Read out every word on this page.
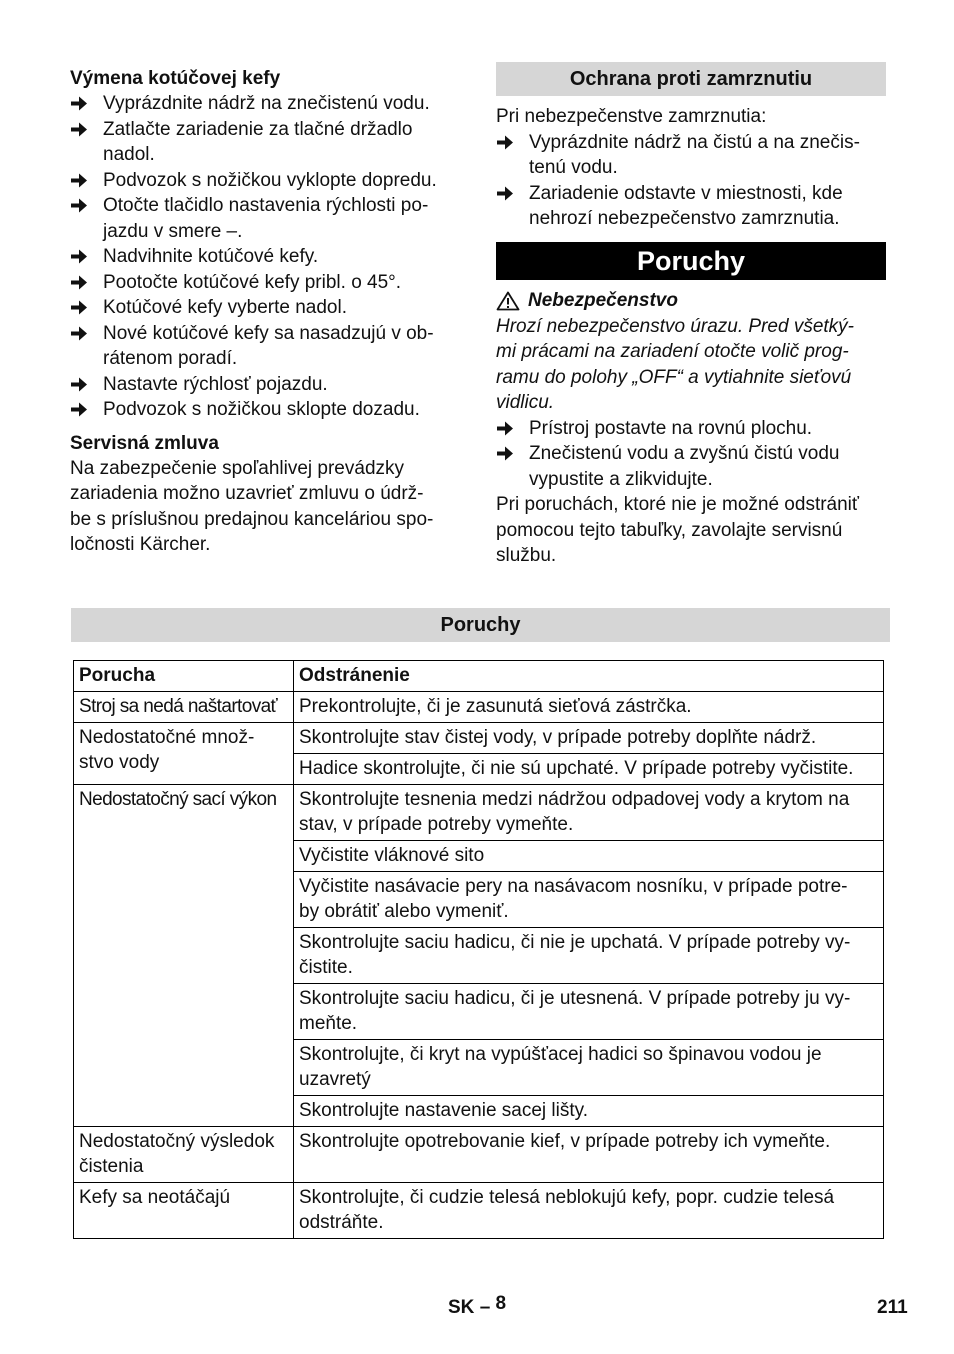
Výmena kotúčovej kefy
Vyprázdnite nádrž na znečistenú vodu.
Zatlačte zariadenie za tlačné držadlo
nadol.
Podvozok s nožičkou vyklopte dopredu.
Otočte tlačidlo nastavenia rýchlosti po-
jazdu v smere –.
Nadvihnite kotúčové kefy.
Pootočte kotúčové kefy pribl. o 45°.
Kotúčové kefy vyberte nadol.
Nové kotúčové kefy sa nasadzujú v ob-
rátenom poradí.
Nastavte rýchlosť pojazdu.
Podvozok s nožičkou sklopte dozadu.
Servisná zmluva
Na zabezpečenie spoľahlivej prevádzky
zariadenia možno uzavrieť zmluvu o údrž-
be s príslušnou predajnou kanceláriou spo-
ločnosti Kärcher.
Ochrana proti zamrznutiu
Pri nebezpečenstve zamrznutia:
Vyprázdnite nádrž na čistú a na znečis-
tenú vodu.
Zariadenie odstavte v miestnosti, kde
nehrozí nebezpečenstvo zamrznutia.
Poruchy
Nebezpečenstvo
Hrozí nebezpečenstvo úrazu. Pred všetký-
mi prácami na zariadení otočte volič prog-
ramu do polohy „OFF“ a vytiahnite sieťovú
vidlicu.
Prístroj postavte na rovnú plochu.
Znečistenú vodu a zvyšnú čistú vodu
vypustite a zlikvidujte.
Pri poruchách, ktoré nie je možné odstrániť
pomocou tejto tabuľky, zavolajte servisnú
službu.
Poruchy
Porucha	Odstránenie

Stroj sa nedá naštartovať	Prekontrolujte, či je zasunutá sieťová zástrčka.

Nedostatočné množ-
stvo vody	Skontrolujte stav čistej vody, v prípade potreby doplňte nádrž.

	Hadice skontrolujte, či nie sú upchaté. V prípade potreby vyčistite.

Nedostatočný sací výkon	Skontrolujte tesnenia medzi nádržou odpadovej vody a krytom na
stav, v prípade potreby vymeňte.

	Vyčistite vláknové sito

	Vyčistite nasávacie pery na nasávacom nosníku, v prípade potre-
by obrátiť alebo vymeniť.

	Skontrolujte saciu hadicu, či nie je upchatá. V prípade potreby vy-
čistite.

	Skontrolujte saciu hadicu, či je utesnená. V prípade potreby ju vy-
meňte.

	Skontrolujte, či kryt na vypúšťacej hadici so špinavou vodou je
uzavretý

	Skontrolujte nastavenie sacej lišty.

Nedostatočný výsledok
čistenia	Skontrolujte opotrebovanie kief, v prípade potreby ich vymeňte.

Kefy sa neotáčajú	Skontrolujte, či cudzie telesá neblokujú kefy, popr. cudzie telesá
odstráňte.
SK – 8	211
